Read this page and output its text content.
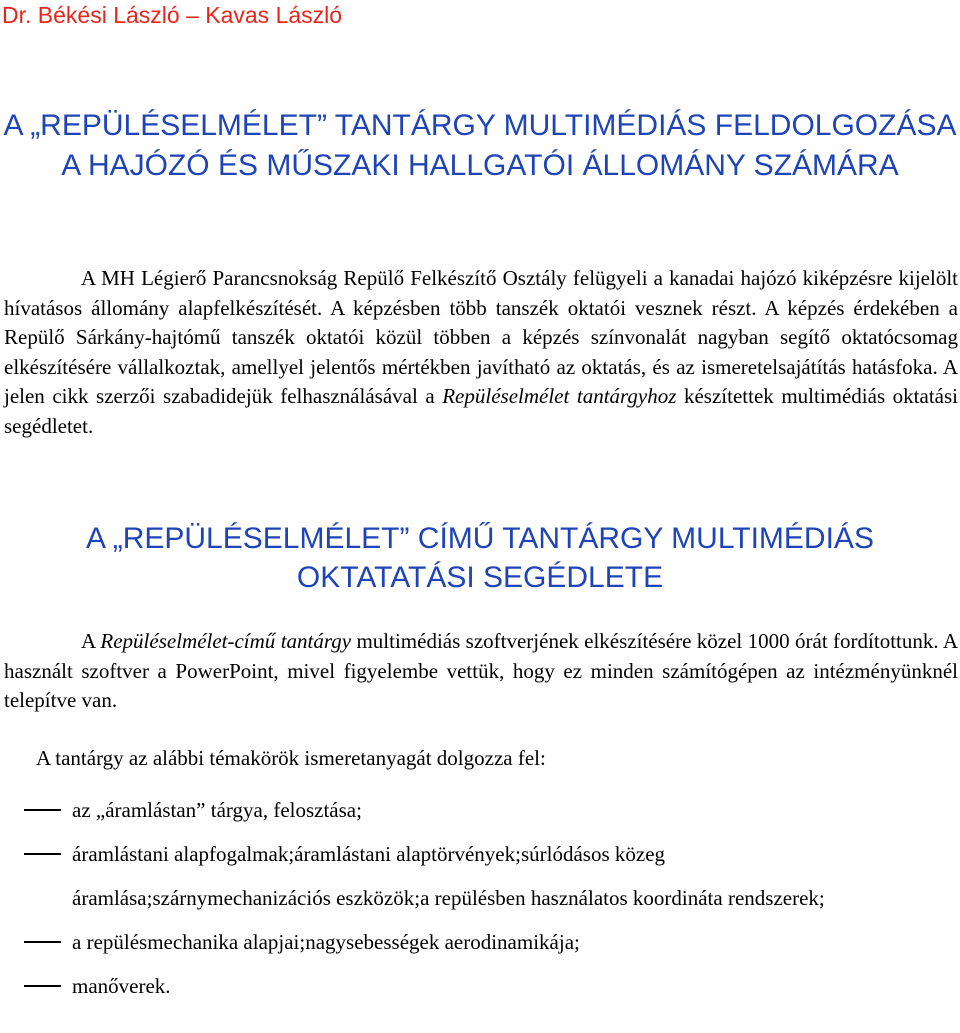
Dr. Békési László – Kavas László
A „REPÜLÉSELMÉLET” TANTÁRGY MULTIMÉDIÁS FELDOLGOZÁSA A HAJÓZÓ ÉS MŰSZAKI HALLGATÓI ÁLLOMÁNY SZÁMÁRA

A MH Légierő Parancsnokság Repülő Felkészítő Osztály felügyeli a kanadai hajózó kiképzésre kijelölt hívatásos állomány alapfelkészítését. A képzésben több tanszék oktatói vesznek részt. A képzés érdekében a Repülő Sárkány-hajtómű tanszék oktatói közül többen a képzés színvonalát nagyban segítő oktatócsomag elkészítésére vállalkoztak, amellyel jelentős mértékben javítható az oktatás, és az ismeretelsajátítás hatásfoka. A jelen cikk szerzői szabadidejük felhasználásával a Repüléselmélet tantárgyhoz készítettek multimédiás oktatási segédletet.

A „REPÜLÉSELMÉLET” CÍMŰ TANTÁRGY MULTIMÉDIÁS OKTATATÁSI SEGÉDLETE

A Repüléselmélet-című tantárgy multimédiás szoftverjének elkészítésére közel 1000 órát fordítottunk. A használt szoftver a PowerPoint, mivel figyelembe vettük, hogy ez minden számítógépen az intézményünknél telepítve van.

A tantárgy az alábbi témakörök ismeretanyagát dolgozza fel:

az „áramlástan” tárgya, felosztása;
áramlástani alapfogalmak;áramlástani alaptörvények;súrlódásos közeg áramlása;szárnymechanizációs eszközök;a repülésben használatos koordináta rendszerek;
a repülésmechanika alapjai;nagysebességek aerodinamikája;
manőverek.
